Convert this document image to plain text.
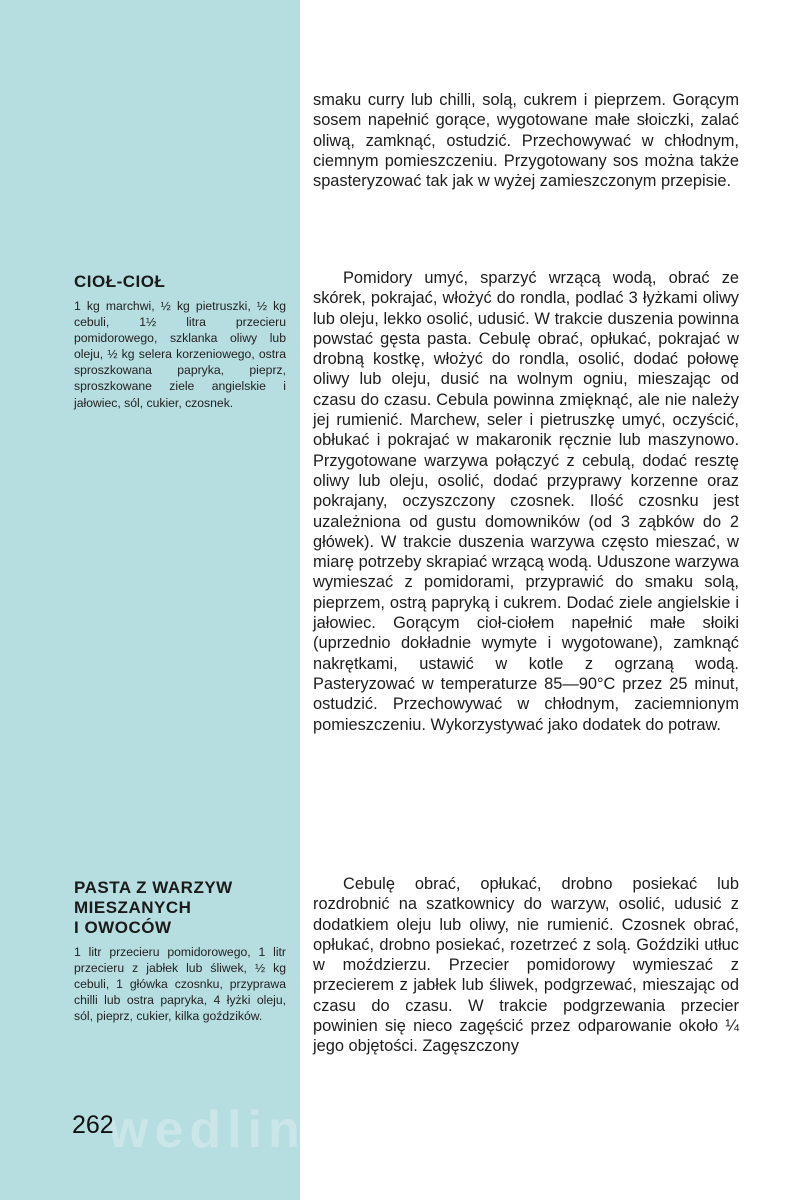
smaku curry lub chilli, solą, cukrem i pieprzem. Gorącym sosem napełnić gorące, wygotowane małe słoiczki, zalać oliwą, zamknąć, ostudzić. Przechowywać w chłodnym, ciemnym pomieszczeniu. Przygotowany sos można także spasteryzować tak jak w wyżej zamieszczonym przepisie.

CIOŁ-CIOŁ

1 kg marchwi, ½ kg pietruszki, ½ kg cebuli, 1½ litra przecieru pomidorowego, szklanka oliwy lub oleju, ½ kg selera korzeniowego, ostra sproszkowana papryka, pieprz, sproszkowane ziele angielskie i jałowiec, sól, cukier, czosnek.

Pomidory umyć, sparzyć wrzącą wodą, obrać ze skórek, pokrajać, włożyć do rondla, podlać 3 łyżkami oliwy lub oleju, lekko osolić, udusić. W trakcie duszenia powinna powstać gęsta pasta. Cebulę obrać, opłukać, pokrajać w drobną kostkę, włożyć do rondla, osolić, dodać połowę oliwy lub oleju, dusić na wolnym ogniu, mieszając od czasu do czasu. Cebula powinna zmięknąć, ale nie należy jej rumienić. Marchew, seler i pietruszkę umyć, oczyścić, obłukać i pokrajać w makaronik ręcznie lub maszynowo. Przygotowane warzywa połączyć z cebulą, dodać resztę oliwy lub oleju, osolić, dodać przyprawy korzenne oraz pokrajany, oczyszczony czosnek. Ilość czosnku jest uzależniona od gustu domowników (od 3 ząbków do 2 główek). W trakcie duszenia warzywa często mieszać, w miarę potrzeby skrapiać wrzącą wodą. Uduszone warzywa wymieszać z pomidorami, przyprawić do smaku solą, pieprzem, ostrą papryką i cukrem. Dodać ziele angielskie i jałowiec. Gorącym cioł-ciołem napełnić małe słoiki (uprzednio dokładnie wymyte i wygotowane), zamknąć nakrętkami, ustawić w kotle z ogrzaną wodą. Pasteryzować w temperaturze 85—90°C przez 25 minut, ostudzić. Przechowywać w chłodnym, zaciemnionym pomieszczeniu. Wykorzystywać jako dodatek do potraw.

PASTA Z WARZYW
MIESZANYCH
I OWOCÓW

1 litr przecieru pomidorowego, 1 litr przecieru z jabłek lub śliwek, ½ kg cebuli, 1 główka czosnku, przyprawa chilli lub ostra papryka, 4 łyżki oleju, sól, pieprz, cukier, kilka goździków.

Cebulę obrać, opłukać, drobno posiekać lub rozdrobnić na szatkownicy do warzyw, osolić, udusić z dodatkiem oleju lub oliwy, nie rumienić. Czosnek obrać, opłukać, drobno posiekać, rozetrzeć z solą. Goździki utłuc w moździerzu. Przecier pomidorowy wymieszać z przecierem z jabłek lub śliwek, podgrzewać, mieszając od czasu do czasu. W trakcie podgrzewania przecier powinien się nieco zagęścić przez odparowanie około ¼ jego objętości. Zagęszczony

wedlinydomowe.pl
262
